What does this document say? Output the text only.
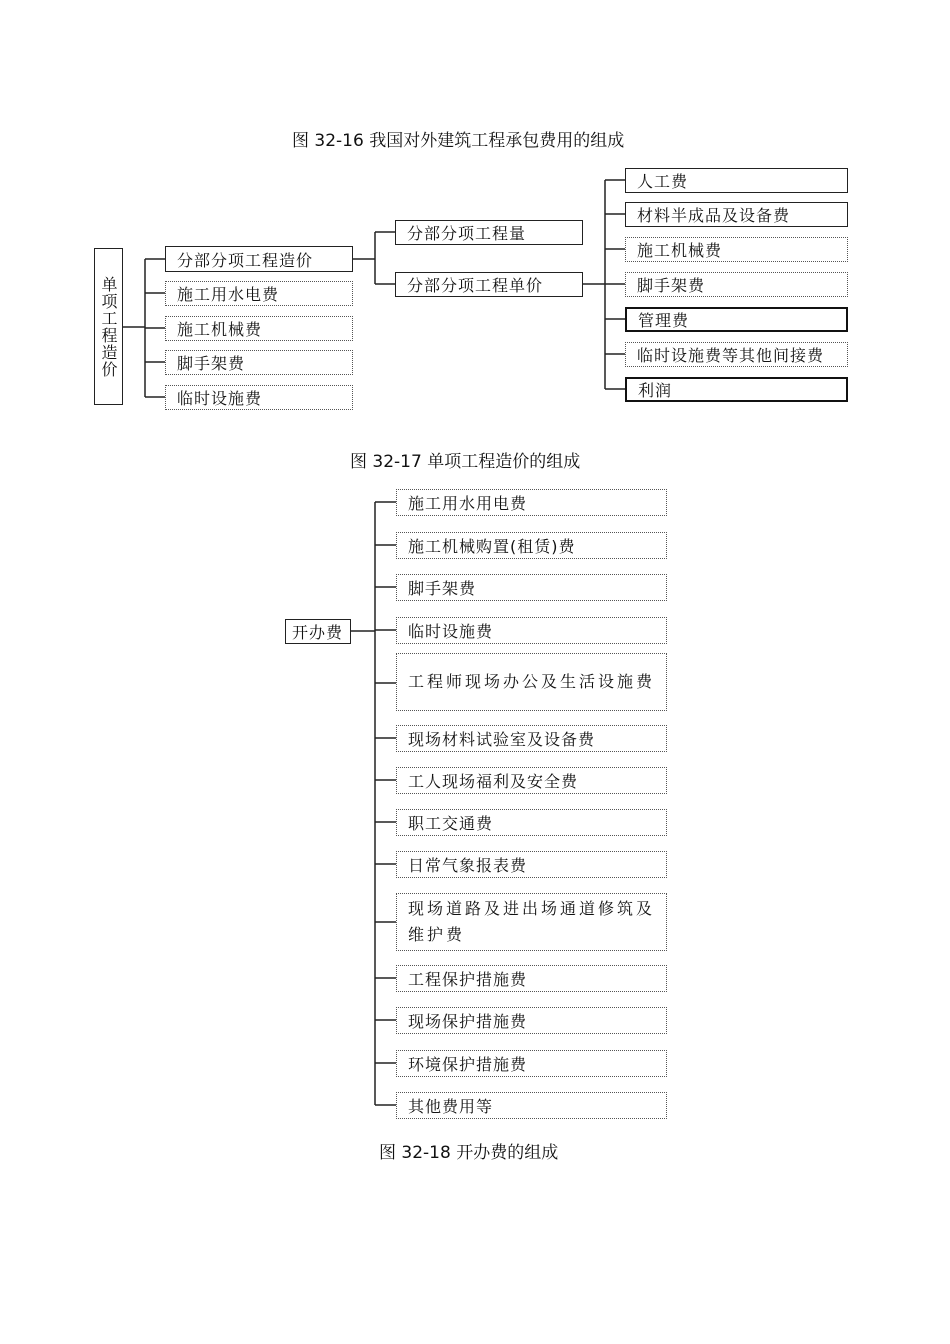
图 32-16 我国对外建筑工程承包费用的组成
图 32-17 单项工程造价的组成
图 32-18 开办费的组成
单项工程造价
分部分项工程造价
施工用水电费
施工机械费
脚手架费
临时设施费
分部分项工程量
分部分项工程单价
人工费
材料半成品及设备费
施工机械费
脚手架费
管理费
临时设施费等其他间接费
利润
开办费
施工用水用电费
施工机械购置(租赁)费
脚手架费
临时设施费
工程师现场办公及生活设施费
现场材料试验室及设备费
工人现场福利及安全费
职工交通费
日常气象报表费
现场道路及进出场通道修筑及维护费
工程保护措施费
现场保护措施费
环境保护措施费
其他费用等
